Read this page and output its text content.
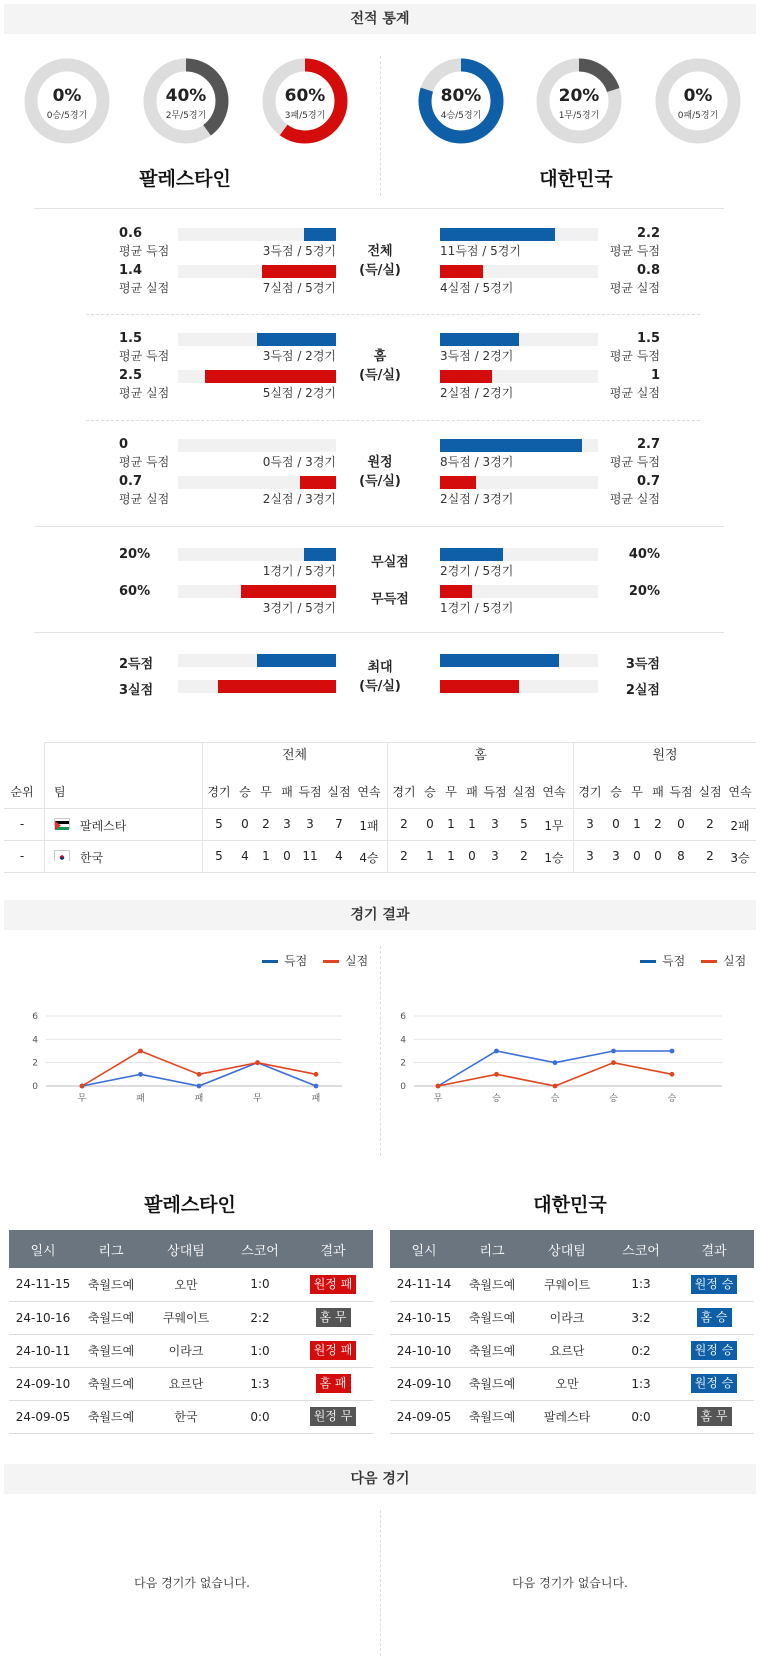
전적 통계
0%
0승/5경기
40%
2무/5경기
60%
3패/5경기
80%
4승/5경기
20%
1무/5경기
0%
0패/5경기
팔레스타인	대한민국
전체
(득/실)
0.6
평균 득점	3득점 / 5경기	11득점 / 5경기
2.2
평균 득점
1.4
평균 실점	7실점 / 5경기	4실점 / 5경기
0.8
평균 실점
홈
(득/실)
1.5
평균 득점	3득점 / 2경기	3득점 / 2경기
1.5
평균 득점
2.5
평균 실점	5실점 / 2경기	2실점 / 2경기
1
평균 실점
원정
(득/실)
0
평균 득점	0득점 / 3경기	8득점 / 3경기
2.7
평균 득점
0.7
평균 실점	2실점 / 3경기	2실점 / 3경기
0.7
평균 실점
20%
1경기 / 5경기
무실점
2경기 / 5경기
40%
60%
3경기 / 5경기
무득점
1경기 / 5경기
20%
최대
(득/실)
2득점	3득점
3실점	2실점
전체	홈	원정
순위	팀	경기 승 무 패 득점 실점 연속 경기 승 무 패 득점 실점 연속	경기 승 무 패 득점 실점 연속
-	팔레스타	5	0	2	3	3	7	1패	2	0	1	1	3	5	1무	3	0	1	2	0	2	2패
-	한국	5	4	1	0 11	4	4승	2	1	1	0	3	2	1승	3	3	0	0	8	2	3승
경기 결과
득점	실점	득점	실점
0
2
4
6
무	패	패	무	패
0
2
4
6
무	승	승	승	승
팔레스타인	대한민국
일시	리그	상대팀	스코어	결과
24-11-15	축월드예	오만	1:0	원정 패
24-10-16	축월드예	쿠웨이트	2:2	홈 무
24-10-11	축월드예	이라크	1:0	원정 패
24-09-10	축월드예	요르단	1:3	홈 패
24-09-05	축월드예	한국	0:0	원정 무
일시	리그	상대팀	스코어	결과
24-11-14	축월드예	쿠웨이트	1:3	원정 승
24-10-15	축월드예	이라크	3:2	홈 승
24-10-10	축월드예	요르단	0:2	원정 승
24-09-10	축월드예	오만	1:3	원정 승
24-09-05	축월드예	팔레스타	0:0	홈 무
다음 경기
다음 경기가 없습니다.	다음 경기가 없습니다.
